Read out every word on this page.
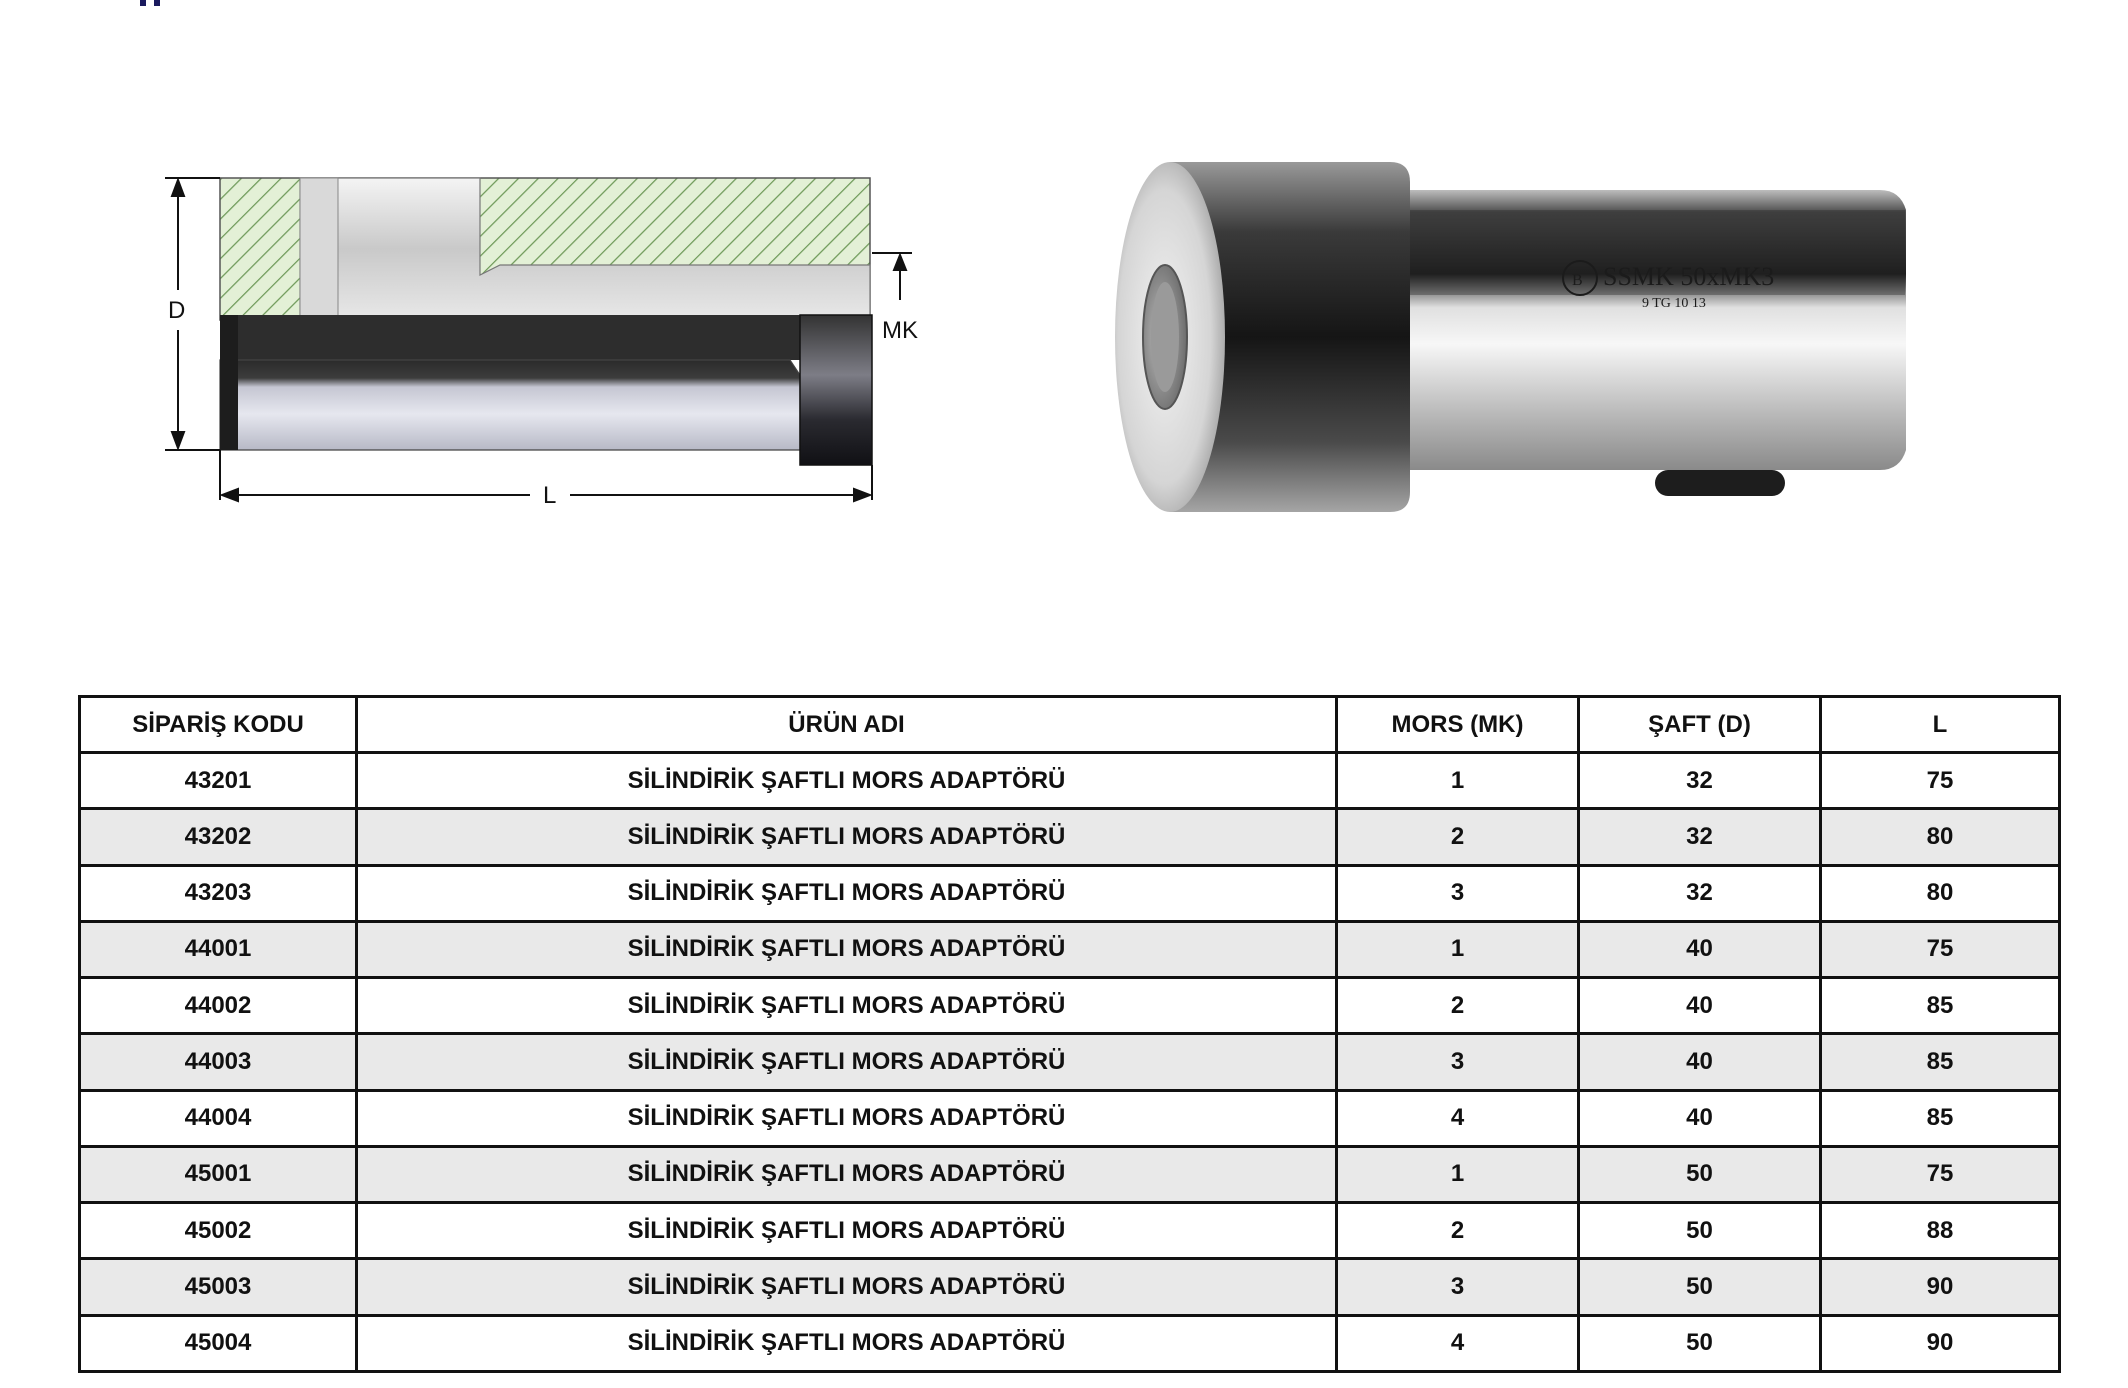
D
MK
L
B SSMK 50xMK3
9 TG 10 13
SİPARİŞ KODU	ÜRÜN ADI	MORS (MK)	ŞAFT (D)	L
43201	SİLİNDİRİK ŞAFTLI MORS ADAPTÖRÜ	1	32	75
43202	SİLİNDİRİK ŞAFTLI MORS ADAPTÖRÜ	2	32	80
43203	SİLİNDİRİK ŞAFTLI MORS ADAPTÖRÜ	3	32	80
44001	SİLİNDİRİK ŞAFTLI MORS ADAPTÖRÜ	1	40	75
44002	SİLİNDİRİK ŞAFTLI MORS ADAPTÖRÜ	2	40	85
44003	SİLİNDİRİK ŞAFTLI MORS ADAPTÖRÜ	3	40	85
44004	SİLİNDİRİK ŞAFTLI MORS ADAPTÖRÜ	4	40	85
45001	SİLİNDİRİK ŞAFTLI MORS ADAPTÖRÜ	1	50	75
45002	SİLİNDİRİK ŞAFTLI MORS ADAPTÖRÜ	2	50	88
45003	SİLİNDİRİK ŞAFTLI MORS ADAPTÖRÜ	3	50	90
45004	SİLİNDİRİK ŞAFTLI MORS ADAPTÖRÜ	4	50	90
